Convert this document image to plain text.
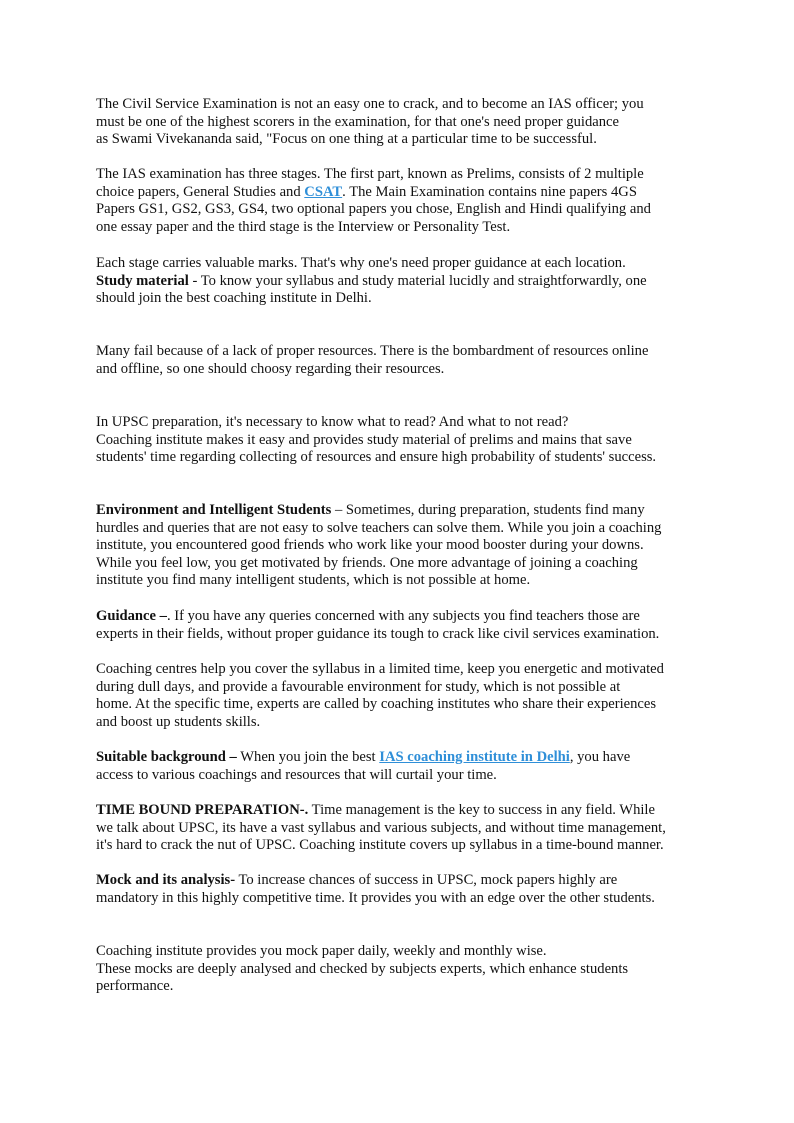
The Civil Service Examination is not an easy one to crack, and to become an IAS officer; you
must be one of the highest scorers in the examination, for that one's need proper guidance
as Swami Vivekananda said, "Focus on one thing at a particular time to be successful.

The IAS examination has three stages. The first part, known as Prelims, consists of 2 multiple
choice papers, General Studies and CSAT. The Main Examination contains nine papers 4GS
Papers GS1, GS2, GS3, GS4, two optional papers you chose, English and Hindi qualifying and
one essay paper and the third stage is the Interview or Personality Test.

Each stage carries valuable marks. That's why one's need proper guidance at each location.
Study material - To know your syllabus and study material lucidly and straightforwardly, one
should join the best coaching institute in Delhi.

Many fail because of a lack of proper resources. There is the bombardment of resources online
and offline, so one should choosy regarding their resources.

In UPSC preparation, it's necessary to know what to read? And what to not read?
Coaching institute makes it easy and provides study material of prelims and mains that save
students' time regarding collecting of resources and ensure high probability of students' success.

Environment and Intelligent Students – Sometimes, during preparation, students find many
hurdles and queries that are not easy to solve teachers can solve them. While you join a coaching
institute, you encountered good friends who work like your mood booster during your downs.
While you feel low, you get motivated by friends. One more advantage of joining a coaching
institute you find many intelligent students, which is not possible at home.

Guidance –. If you have any queries concerned with any subjects you find teachers those are
experts in their fields, without proper guidance its tough to crack like civil services examination.

Coaching centres help you cover the syllabus in a limited time, keep you energetic and motivated
during dull days, and provide a favourable environment for study, which is not possible at
home. At the specific time, experts are called by coaching institutes who share their experiences
and boost up students skills.

Suitable background – When you join the best IAS coaching institute in Delhi, you have
access to various coachings and resources that will curtail your time.

TIME BOUND PREPARATION-. Time management is the key to success in any field. While
we talk about UPSC, its have a vast syllabus and various subjects, and without time management,
it's hard to crack the nut of UPSC. Coaching institute covers up syllabus in a time-bound manner.

Mock and its analysis- To increase chances of success in UPSC, mock papers highly are
mandatory in this highly competitive time. It provides you with an edge over the other students.

Coaching institute provides you mock paper daily, weekly and monthly wise.
These mocks are deeply analysed and checked by subjects experts, which enhance students
performance.
